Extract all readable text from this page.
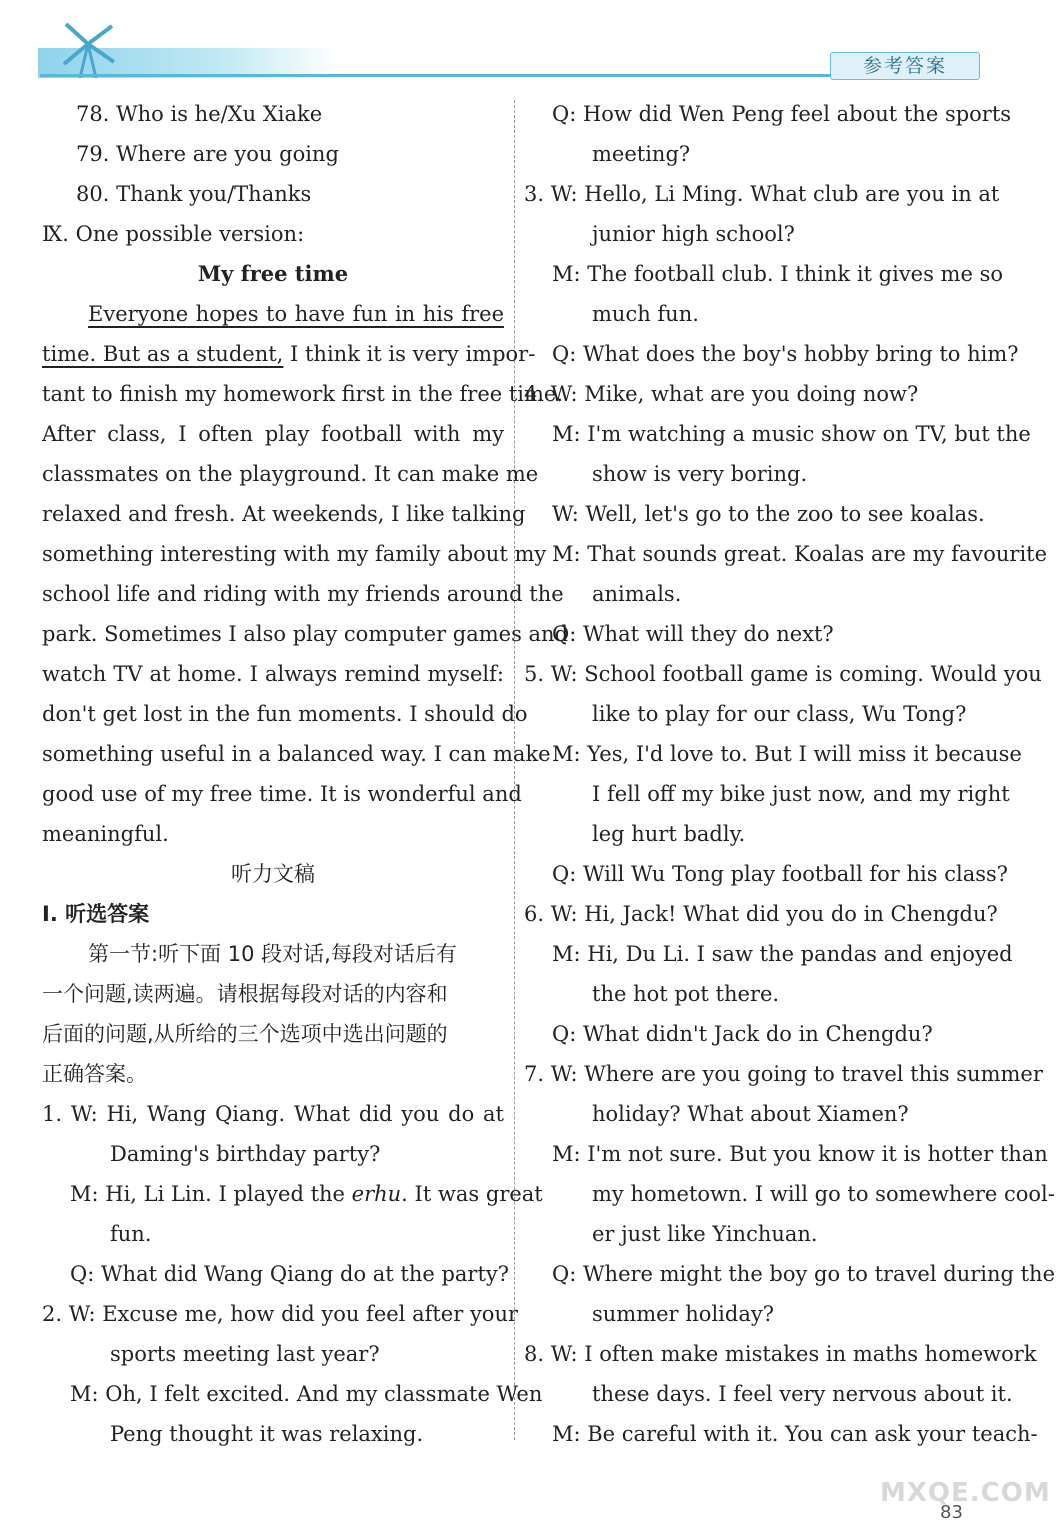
参考答案
78. Who is he/Xu Xiake
79. Where are you going
80. Thank you/Thanks
Ⅸ. One possible version:
My free time
Everyone hopes to have fun in his free
time. But as a student, I think it is very impor-
tant to finish my homework first in the free time.
After class, I often play football with my
classmates on the playground. It can make me
relaxed and fresh. At weekends, I like talking
something interesting with my family about my
school life and riding with my friends around the
park. Sometimes I also play computer games and
watch TV at home. I always remind myself:
don't get lost in the fun moments. I should do
something useful in a balanced way. I can make
good use of my free time. It is wonderful and
meaningful.
听力文稿
Ⅰ. 听选答案
第一节:听下面 10 段对话,每段对话后有
一个问题,读两遍。请根据每段对话的内容和
后面的问题,从所给的三个选项中选出问题的
正确答案。
1. W: Hi, Wang Qiang. What did you do at
Daming's birthday party?
M: Hi, Li Lin. I played the erhu. It was great
fun.
Q: What did Wang Qiang do at the party?
2. W: Excuse me, how did you feel after your
sports meeting last year?
M: Oh, I felt excited. And my classmate Wen
Peng thought it was relaxing.
Q: How did Wen Peng feel about the sports
meeting?
3. W: Hello, Li Ming. What club are you in at
junior high school?
M: The football club. I think it gives me so
much fun.
Q: What does the boy's hobby bring to him?
4. W: Mike, what are you doing now?
M: I'm watching a music show on TV, but the
show is very boring.
W: Well, let's go to the zoo to see koalas.
M: That sounds great. Koalas are my favourite
animals.
Q: What will they do next?
5. W: School football game is coming. Would you
like to play for our class, Wu Tong?
M: Yes, I'd love to. But I will miss it because
I fell off my bike just now, and my right
leg hurt badly.
Q: Will Wu Tong play football for his class?
6. W: Hi, Jack! What did you do in Chengdu?
M: Hi, Du Li. I saw the pandas and enjoyed
the hot pot there.
Q: What didn't Jack do in Chengdu?
7. W: Where are you going to travel this summer
holiday? What about Xiamen?
M: I'm not sure. But you know it is hotter than
my hometown. I will go to somewhere cool-
er just like Yinchuan.
Q: Where might the boy go to travel during the
summer holiday?
8. W: I often make mistakes in maths homework
these days. I feel very nervous about it.
M: Be careful with it. You can ask your teach-
MXQE.COM
83
